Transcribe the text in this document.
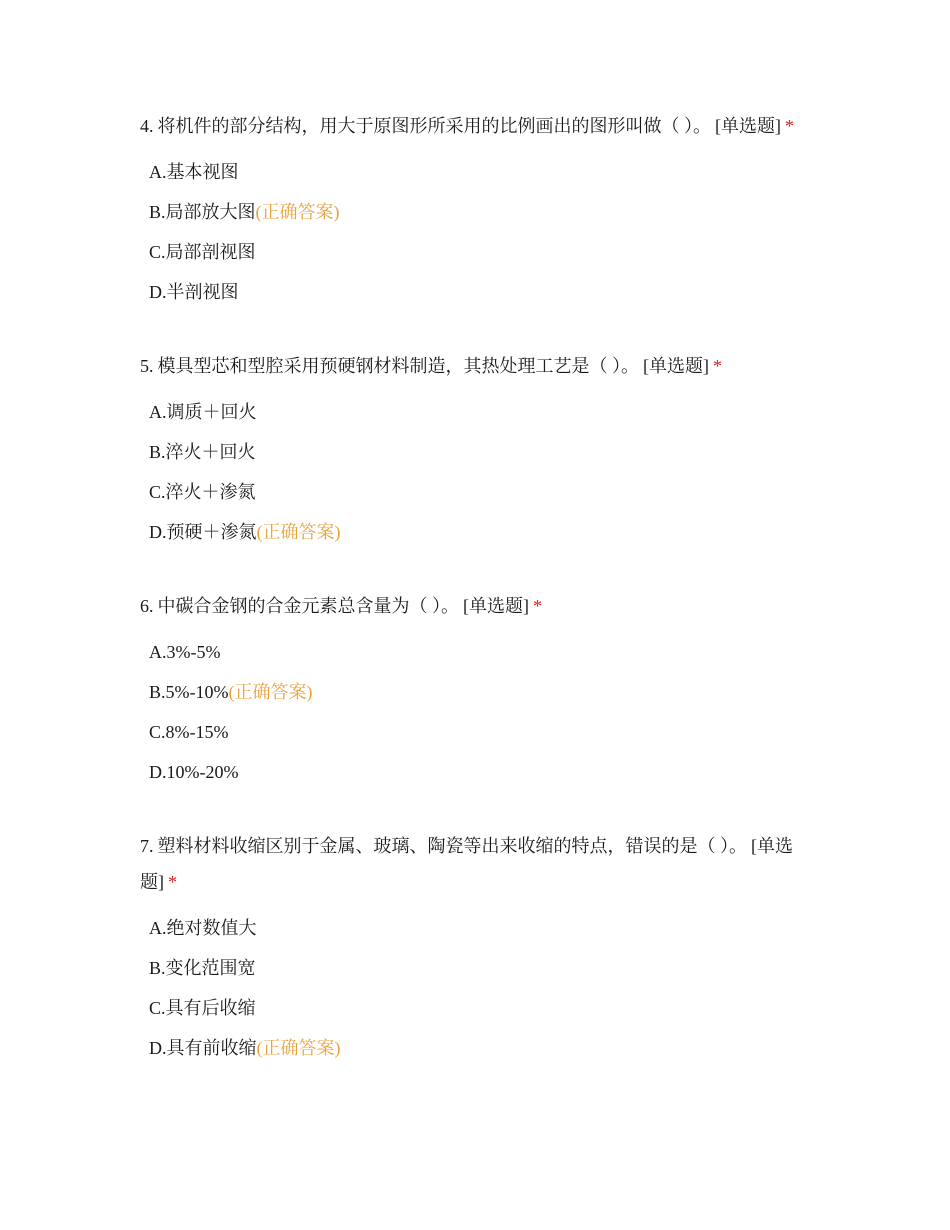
4. 将机件的部分结构，用大于原图形所采用的比例画出的图形叫做（ ）。 [单选题] *

A.基本视图
B.局部放大图(正确答案)
C.局部剖视图
D.半剖视图

5. 模具型芯和型腔采用预硬钢材料制造，其热处理工艺是（ ）。 [单选题] *

A.调质＋回火
B.淬火＋回火
C.淬火＋渗氮
D.预硬＋渗氮(正确答案)

6. 中碳合金钢的合金元素总含量为（ ）。 [单选题] *

A.3%-5%
B.5%-10%(正确答案)
C.8%-15%
D.10%-20%

7. 塑料材料收缩区别于金属、玻璃、陶瓷等出来收缩的特点，错误的是（ ）。 [单选题] *

A.绝对数值大
B.变化范围宽
C.具有后收缩
D.具有前收缩(正确答案)
